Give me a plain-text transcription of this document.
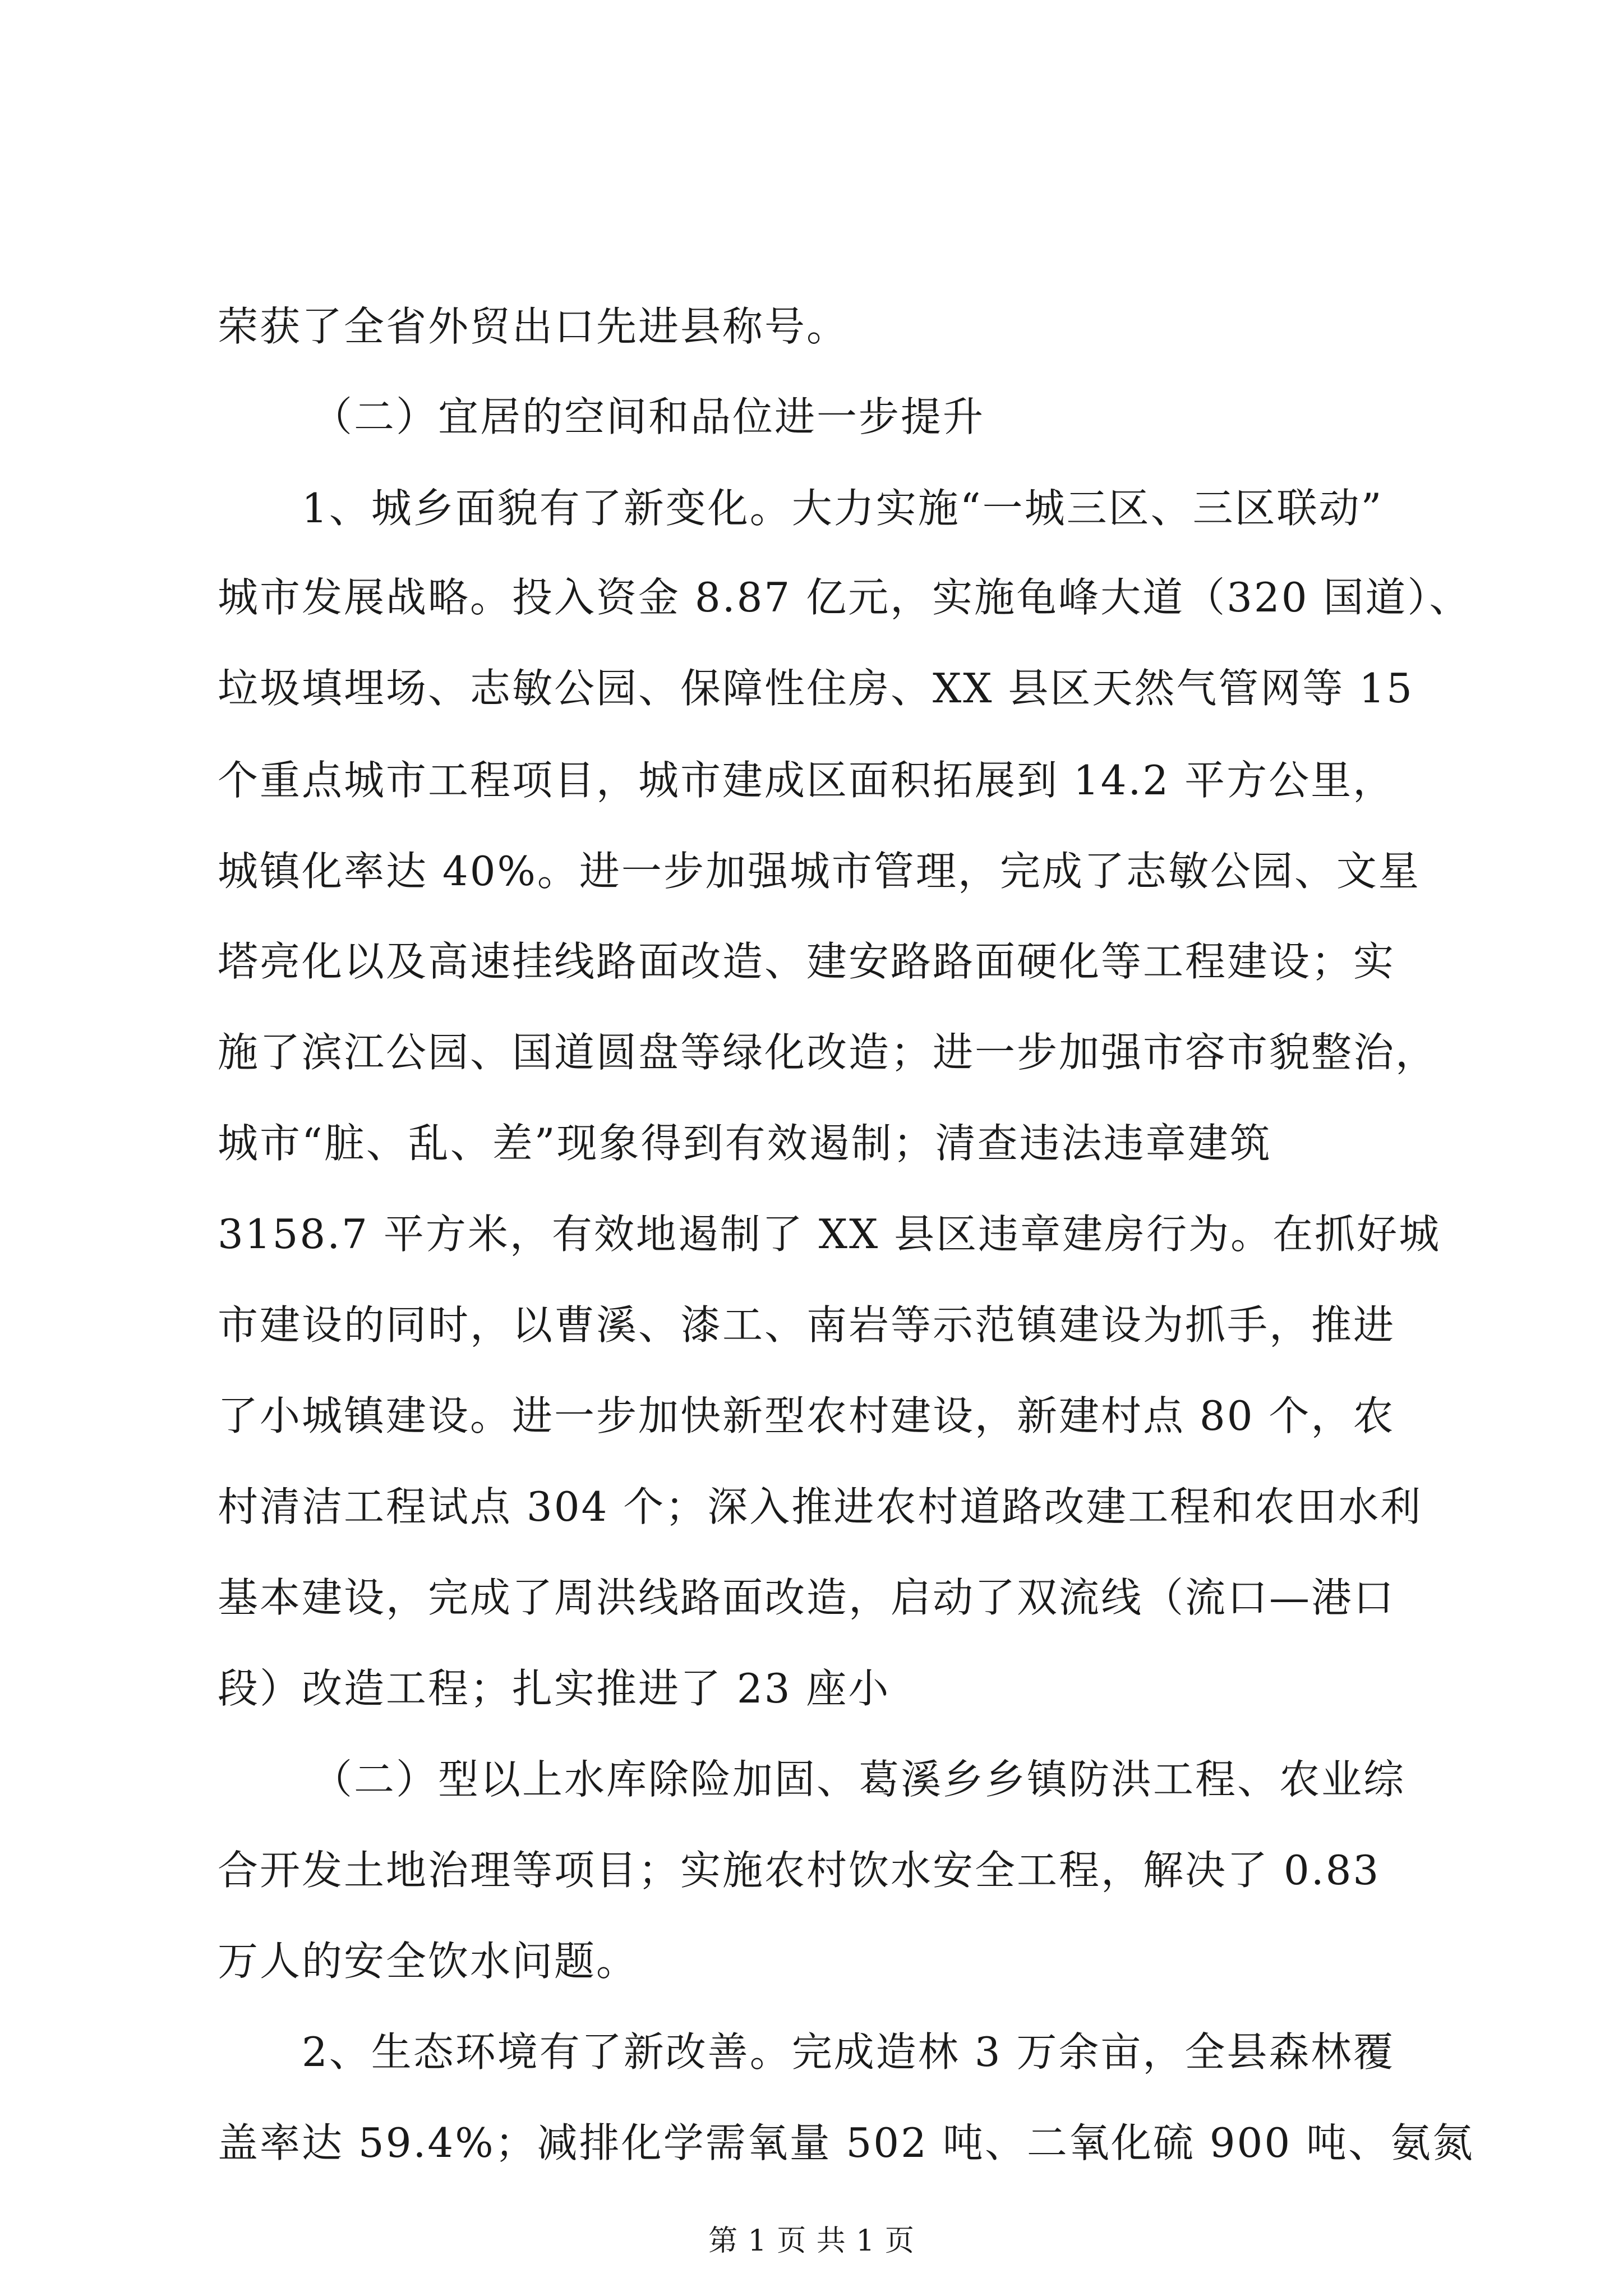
荣获了全省外贸出口先进县称号。
（二）宜居的空间和品位进一步提升
1、城乡面貌有了新变化。大力实施“一城三区、三区联动”
城市发展战略。投入资金 8.87 亿元，实施龟峰大道（320 国道）、
垃圾填埋场、志敏公园、保障性住房、XX 县区天然气管网等 15
个重点城市工程项目，城市建成区面积拓展到 14.2 平方公里，
城镇化率达 40%。进一步加强城市管理，完成了志敏公园、文星
塔亮化以及高速挂线路面改造、建安路路面硬化等工程建设；实
施了滨江公园、国道圆盘等绿化改造；进一步加强市容市貌整治，
城市“脏、乱、差”现象得到有效遏制；清查违法违章建筑
3158.7 平方米，有效地遏制了 XX 县区违章建房行为。在抓好城
市建设的同时，以曹溪、漆工、南岩等示范镇建设为抓手，推进
了小城镇建设。进一步加快新型农村建设，新建村点 80 个，农
村清洁工程试点 304 个；深入推进农村道路改建工程和农田水利
基本建设，完成了周洪线路面改造，启动了双流线（流口—港口
段）改造工程；扎实推进了 23 座小
（二）型以上水库除险加固、葛溪乡乡镇防洪工程、农业综
合开发土地治理等项目；实施农村饮水安全工程，解决了 0.83
万人的安全饮水问题。
2、生态环境有了新改善。完成造林 3 万余亩，全县森林覆
盖率达 59.4%；减排化学需氧量 502 吨、二氧化硫 900 吨、氨氮
第 1 页 共 1 页
